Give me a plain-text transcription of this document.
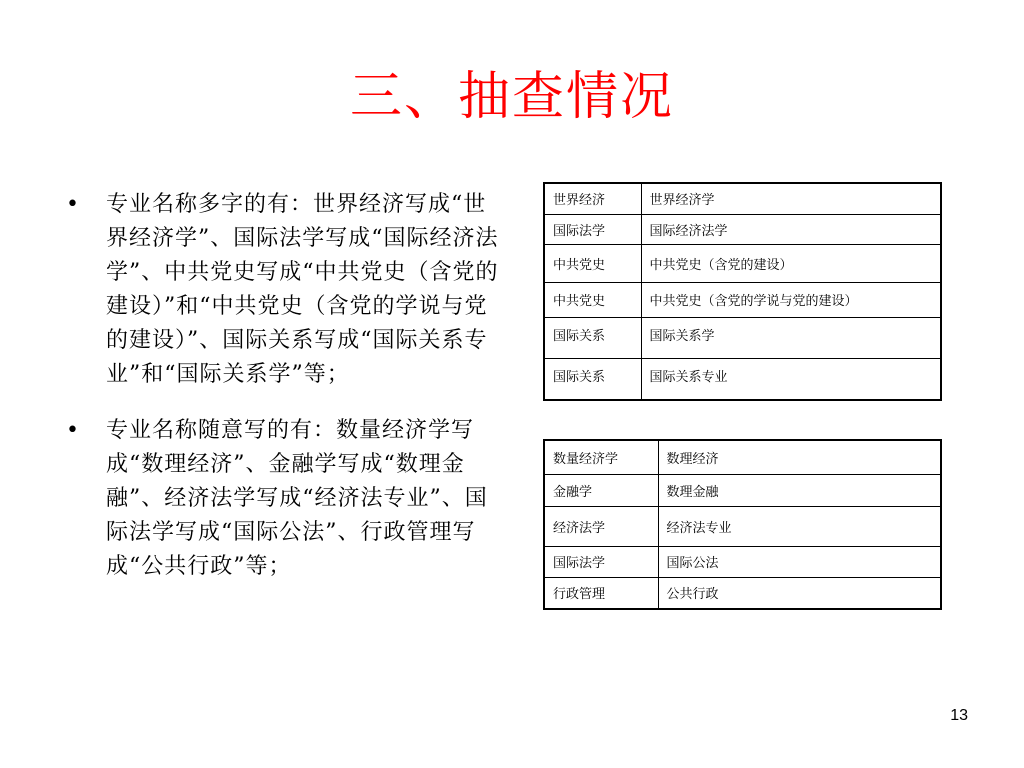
三、抽查情况
• 专业名称多字的有：世界经济写成“世界经济学”、国际法学写成“国际经济法学”、中共党史写成“中共党史（含党的建设）”和“中共党史（含党的学说与党的建设）”、国际关系写成“国际关系专业”和“国际关系学”等；
• 专业名称随意写的有：数量经济学写成“数理经济”、金融学写成“数理金融”、经济法学写成“经济法专业”、国际法学写成“国际公法”、行政管理写成“公共行政”等；
世界经济	世界经济学
国际法学	国际经济法学
中共党史	中共党史（含党的建设）
中共党史	中共党史（含党的学说与党的建设）
国际关系	国际关系学
国际关系	国际关系专业
数量经济学	数理经济
金融学	数理金融
经济法学	经济法专业
国际法学	国际公法
行政管理	公共行政
13
